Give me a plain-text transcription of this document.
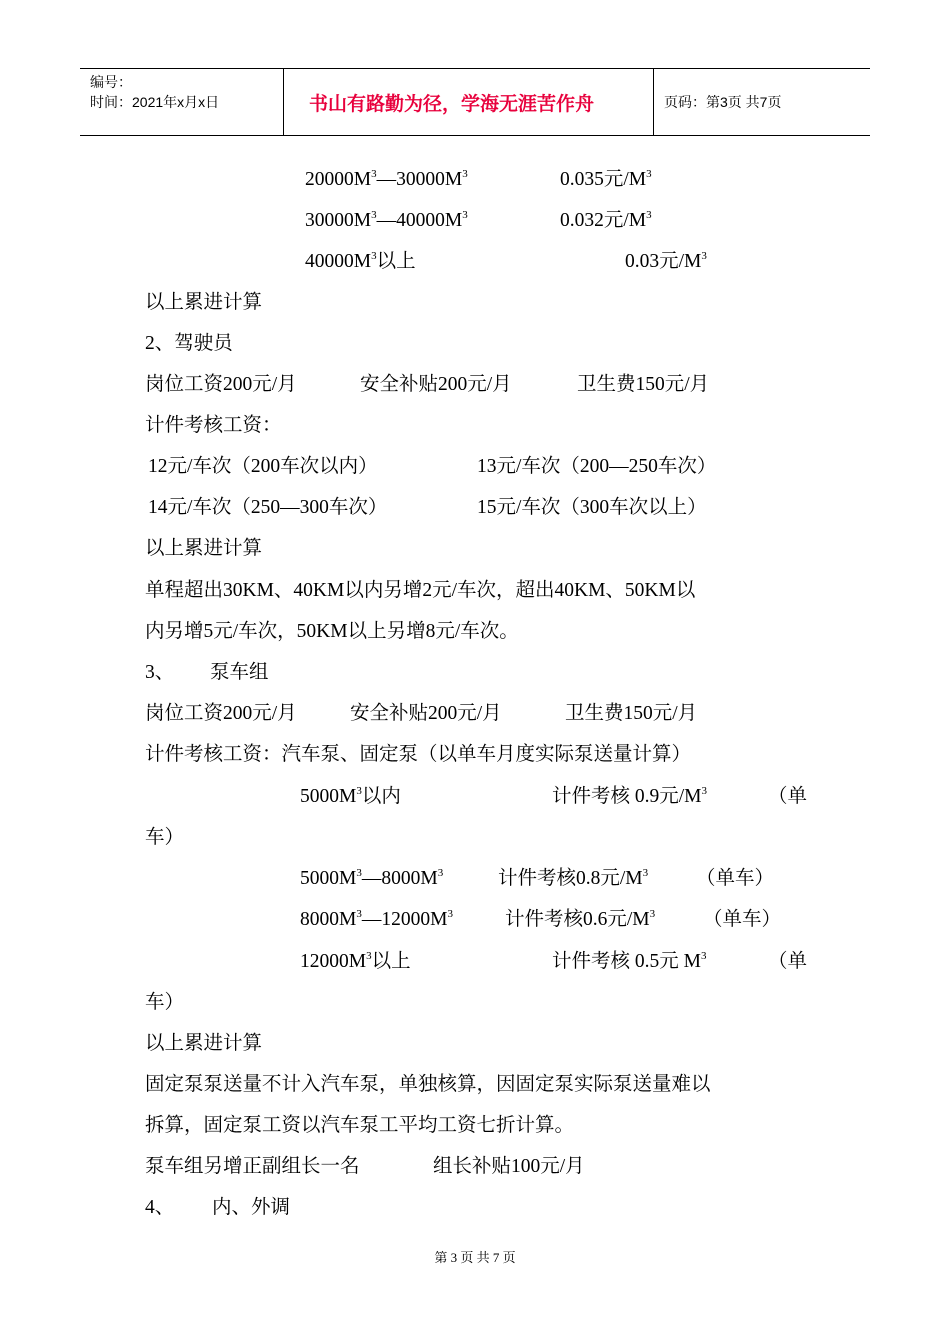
编号：
时间：2021年x月x日	书山有路勤为径，学海无涯苦作舟	页码：第3页 共7页
$20000M^3—30000M^3$	0.035元$/M^3$
$30000M^3—40000M^3$	0.032元$/M^3$
$40000M^3$以上	0.03元$/M^3$
以上累进计算
2、驾驶员
岗位工资200元/月	安全补贴200元/月	卫生费150元/月
计件考核工资：
12元/车次（200车次以内）	13元/车次（200—250车次）
14元/车次（250—300车次）	15元/车次（300车次以上）
以上累进计算
单程超出30KM、40KM以内另增2元/车次，超出40KM、50KM以
内另增5元/车次，50KM以上另增8元/车次。
3、 泵车组
岗位工资200元/月	安全补贴200元/月	卫生费150元/月
计件考核工资：汽车泵、固定泵（以单车月度实际泵送量计算）
$5000M^3$以内	计件考核 0.9元$/M^3$	（单
车）
$5000M^3—8000M^3$	计件考核0.8元$/M^3$ （单车）
$8000M^3—12000M^3$	计件考核0.6元$/M^3$ （单车）
$12000M^3$以上	计件考核 0.5元 $M^3$	（单
车）
以上累进计算
固定泵泵送量不计入汽车泵，单独核算，因固定泵实际泵送量难以
拆算，固定泵工资以汽车泵工平均工资七折计算。
泵车组另增正副组长一名	组长补贴100元/月
4、 内、外调
第 3 页 共 7 页
